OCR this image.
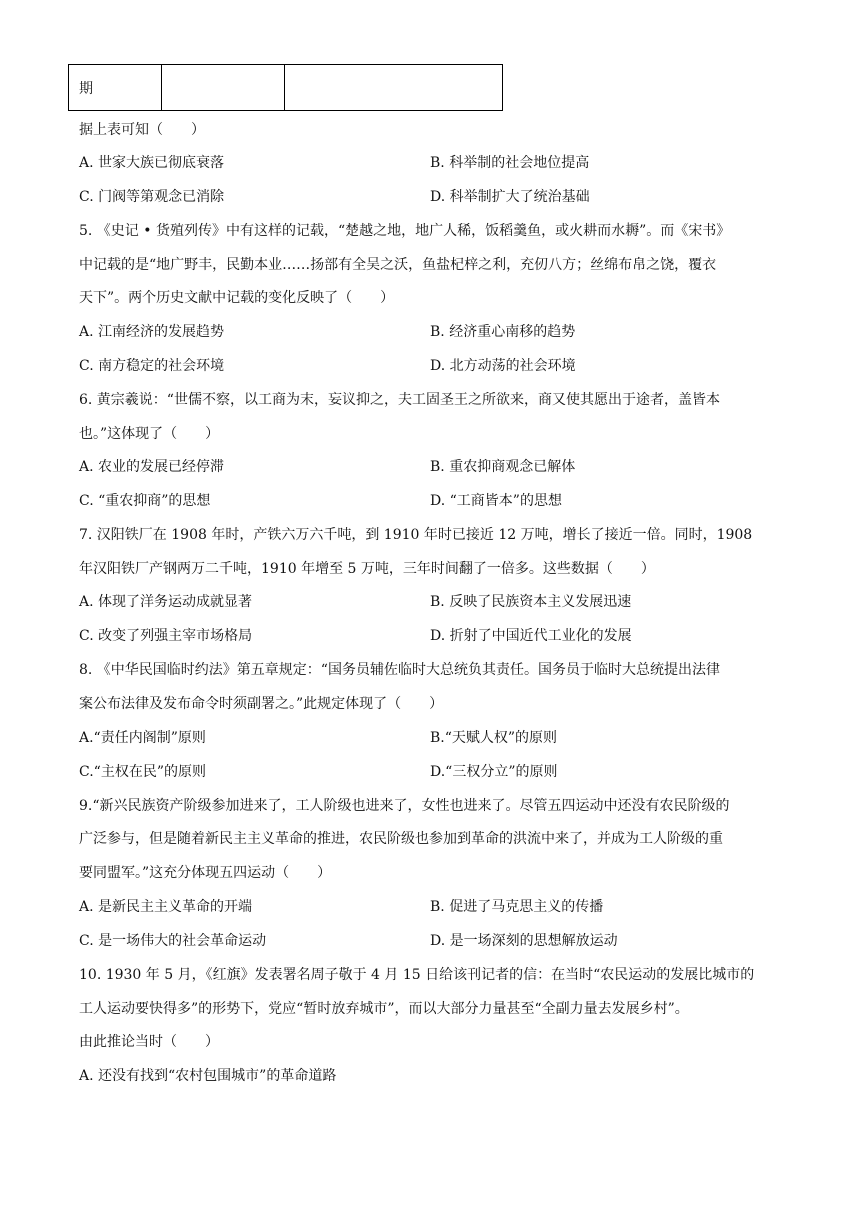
期		
据上表可知（　　）
A. 世家大族已彻底衰落	B. 科举制的社会地位提高
C. 门阀等第观念已消除	D. 科举制扩大了统治基础
5. 《史记 • 货殖列传》中有这样的记载，“楚越之地，地广人稀，饭稻羹鱼，或火耕而水耨”。而《宋书》
中记载的是“地广野丰，民勤本业……扬部有全吴之沃，鱼盐杞梓之利，充仞八方；丝绵布帛之饶，覆衣
天下”。两个历史文献中记载的变化反映了（　　）
A. 江南经济的发展趋势	B. 经济重心南移的趋势
C. 南方稳定的社会环境	D. 北方动荡的社会环境
6. 黄宗羲说：“世儒不察，以工商为末，妄议抑之，夫工固圣王之所欲来，商又使其愿出于途者，盖皆本
也。”这体现了（　　）
A. 农业的发展已经停滞	B. 重农抑商观念已解体
C. “重农抑商”的思想	D. “工商皆本”的思想
7. 汉阳铁厂在 1908 年时，产铁六万六千吨，到 1910 年时已接近 12 万吨，增长了接近一倍。同时，1908
年汉阳铁厂产钢两万二千吨，1910 年增至 5 万吨，三年时间翻了一倍多。这些数据（　　）
A. 体现了洋务运动成就显著	B. 反映了民族资本主义发展迅速
C. 改变了列强主宰市场格局	D. 折射了中国近代工业化的发展
8. 《中华民国临时约法》第五章规定：“国务员辅佐临时大总统负其责任。国务员于临时大总统提出法律
案公布法律及发布命令时须副署之。”此规定体现了（　　）
A.“责任内阁制”原则	B.“天赋人权”的原则
C.“主权在民”的原则	D.“三权分立”的原则
9.“新兴民族资产阶级参加进来了，工人阶级也进来了，女性也进来了。尽管五四运动中还没有农民阶级的
广泛参与，但是随着新民主主义革命的推进，农民阶级也参加到革命的洪流中来了，并成为工人阶级的重
要同盟军。”这充分体现五四运动（　　）
A. 是新民主主义革命的开端	B. 促进了马克思主义的传播
C. 是一场伟大的社会革命运动	D. 是一场深刻的思想解放运动
10. 1930 年 5 月，《红旗》发表署名周子敬于 4 月 15 日给该刊记者的信：在当时“农民运动的发展比城市的
工人运动要快得多”的形势下，党应“暂时放弃城市”，而以大部分力量甚至“全副力量去发展乡村”。
由此推论当时（　　）
A. 还没有找到“农村包围城市”的革命道路
